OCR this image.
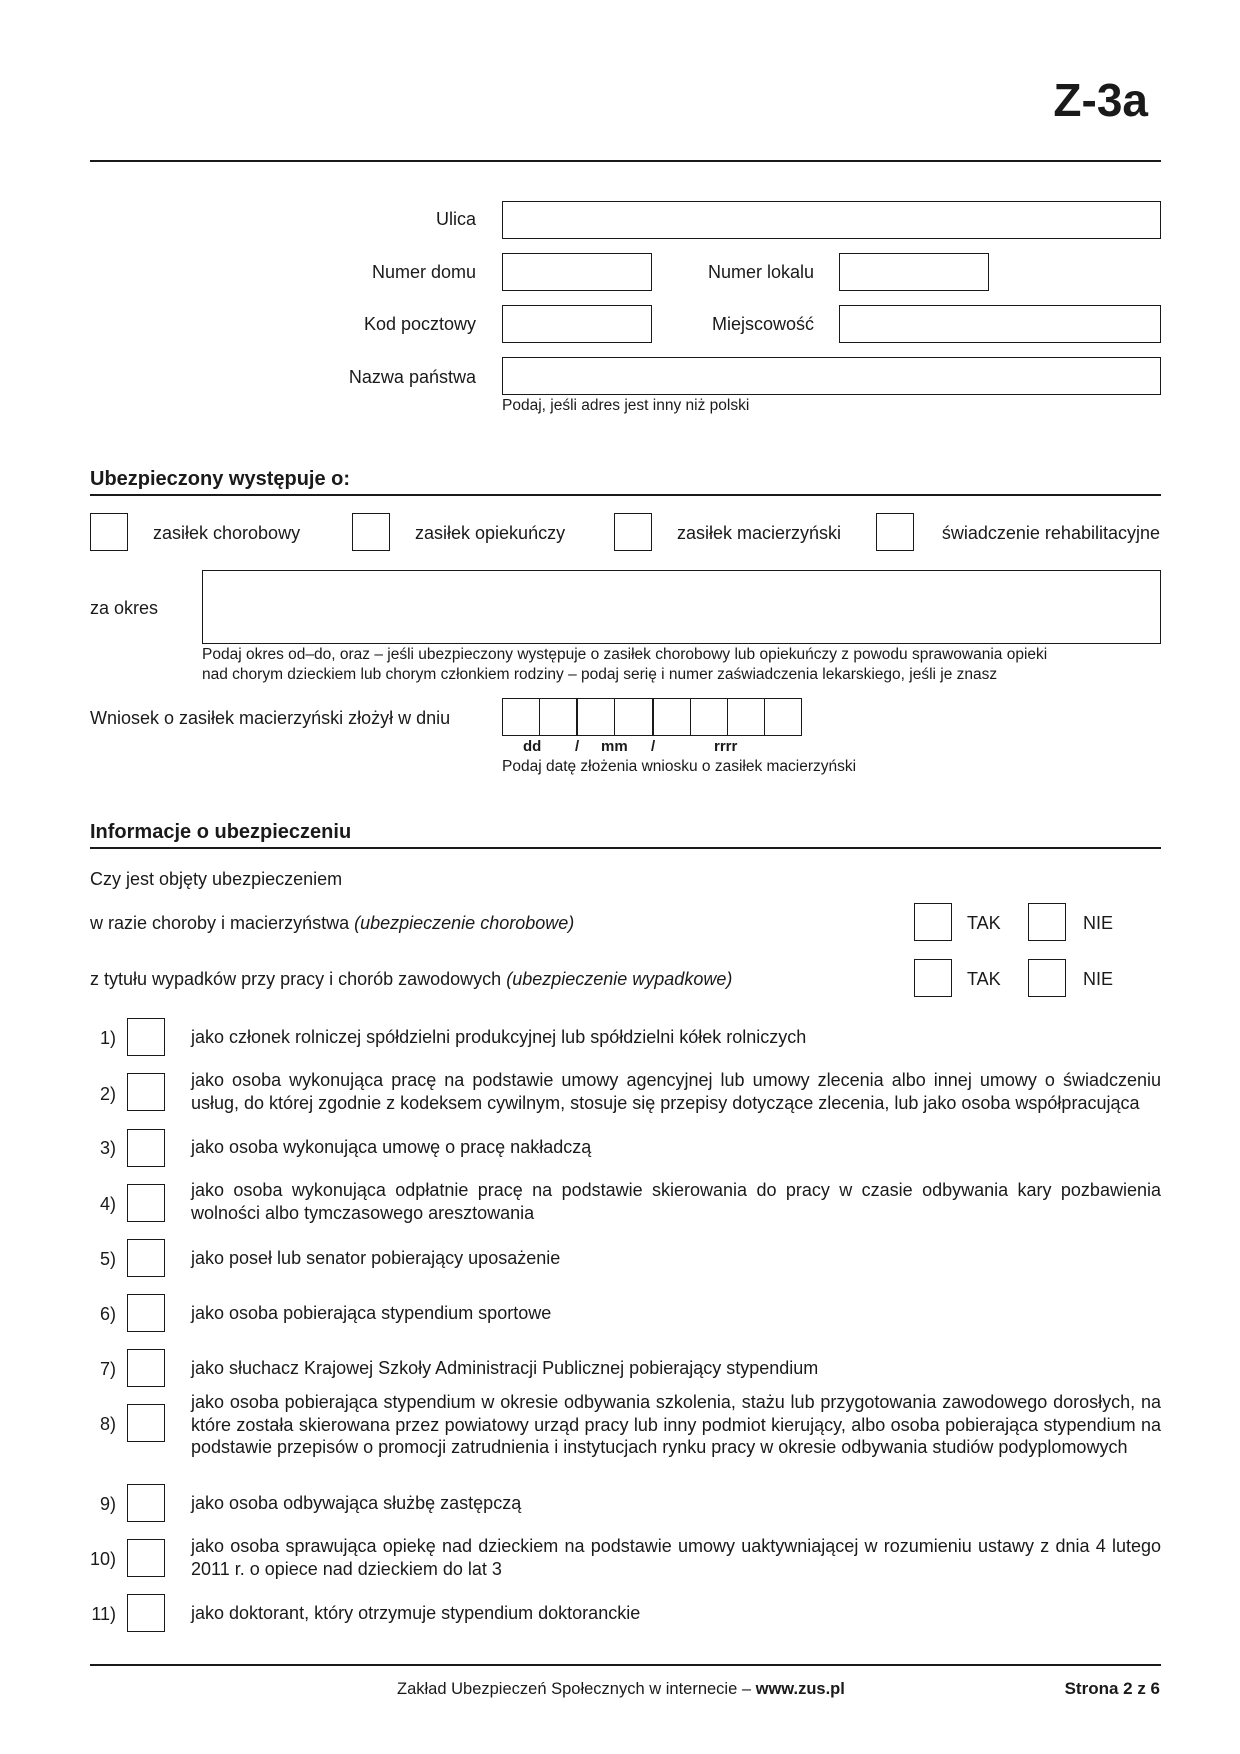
Z-3a
Ulica
Numer domu	Numer lokalu
Kod pocztowy	Miejscowość
Nazwa państwa
Podaj, jeśli adres jest inny niż polski
Ubezpieczony występuje o:
zasiłek chorobowy	zasiłek opiekuńczy	zasiłek macierzyński	świadczenie rehabilitacyjne
za okres
Podaj okres od–do, oraz – jeśli ubezpieczony występuje o zasiłek chorobowy lub opiekuńczy z powodu sprawowania opieki
nad chorym dzieckiem lub chorym członkiem rodziny – podaj serię i numer zaświadczenia lekarskiego, jeśli je znasz
Wniosek o zasiłek macierzyński złożył w dniu
dd / mm /	rrrr
Podaj datę złożenia wniosku o zasiłek macierzyński
Informacje o ubezpieczeniu
Czy jest objęty ubezpieczeniem
w razie choroby i macierzyństwa (ubezpieczenie chorobowe)	TAK	NIE
z tytułu wypadków przy pracy i chorób zawodowych (ubezpieczenie wypadkowe)	TAK	NIE
1)	jako członek rolniczej spółdzielni produkcyjnej lub spółdzielni kółek rolniczych
2)
jako osoba wykonująca pracę na podstawie umowy agencyjnej lub umowy zlecenia albo innej umowy o świadczeniu usług, do której zgodnie z kodeksem cywilnym, stosuje się przepisy dotyczące zlecenia, lub jako osoba współpracująca
3)	jako osoba wykonująca umowę o pracę nakładczą
4)
jako osoba wykonująca odpłatnie pracę na podstawie skierowania do pracy w czasie odbywania kary pozbawienia wolności albo tymczasowego aresztowania
5)	jako poseł lub senator pobierający uposażenie
6)	jako osoba pobierająca stypendium sportowe
7)	jako słuchacz Krajowej Szkoły Administracji Publicznej pobierający stypendium
8)
jako osoba pobierająca stypendium w okresie odbywania szkolenia, stażu lub przygotowania zawodowego dorosłych, na które została skierowana przez powiatowy urząd pracy lub inny podmiot kierujący, albo osoba pobierająca stypendium na podstawie przepisów o promocji zatrudnienia i instytucjach rynku pracy w okresie odbywania studiów podyplomowych
9)	jako osoba odbywająca służbę zastępczą
10)
jako osoba sprawująca opiekę nad dzieckiem na podstawie umowy uaktywniającej w rozumieniu ustawy z dnia 4 lutego 2011 r. o opiece nad dzieckiem do lat 3
11)	jako doktorant, który otrzymuje stypendium doktoranckie
Zakład Ubezpieczeń Społecznych w internecie – www.zus.pl	Strona 2 z 6
